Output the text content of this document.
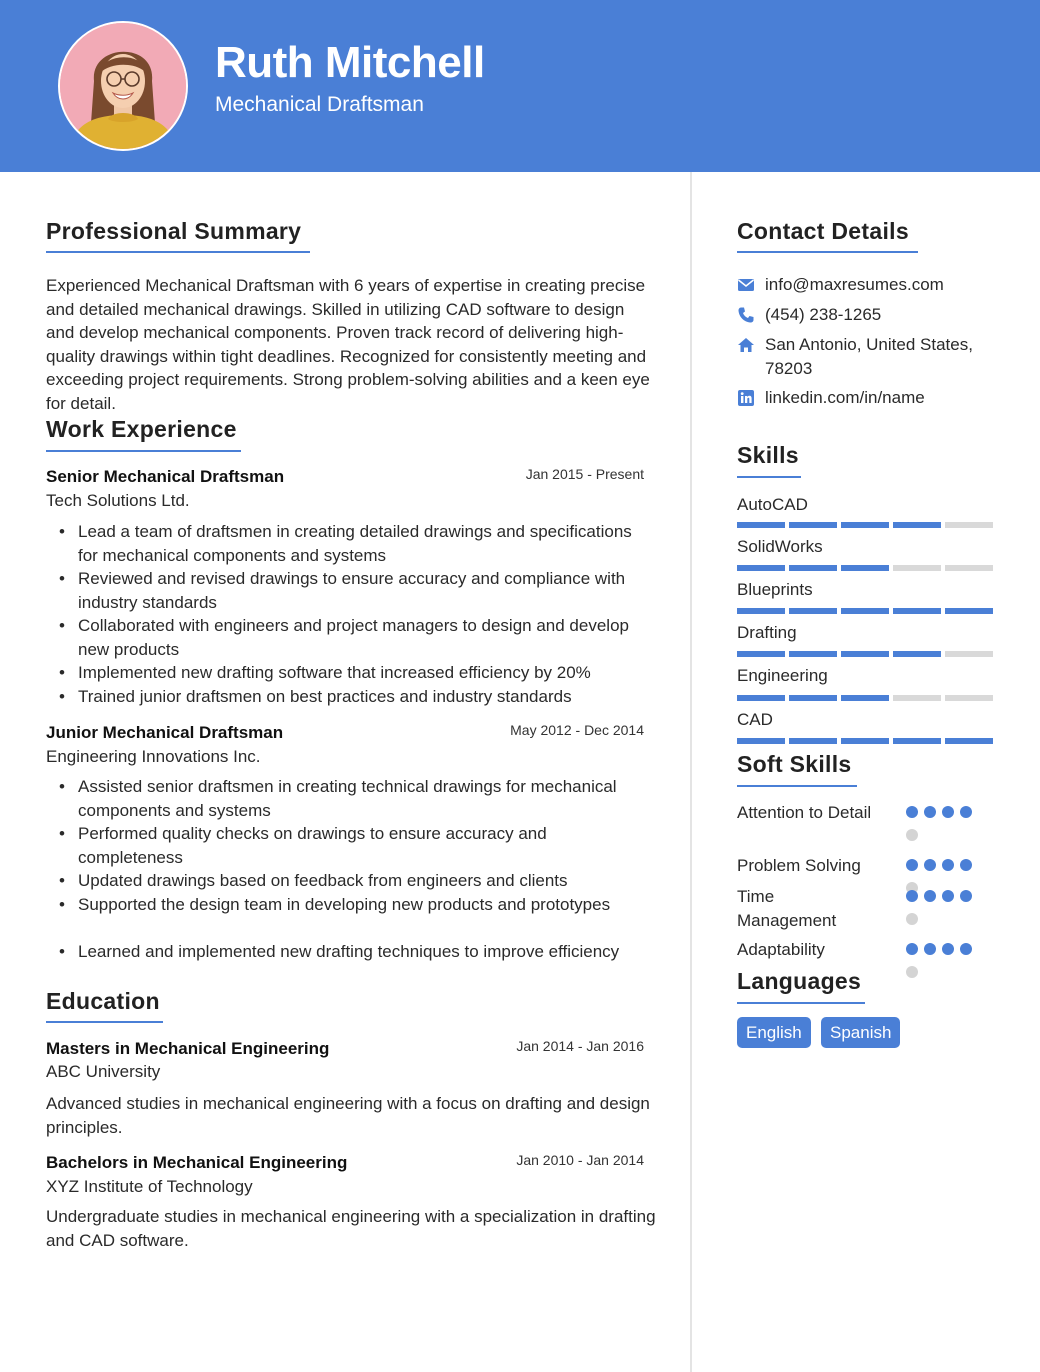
Ruth Mitchell
Mechanical Draftsman
Professional Summary
Experienced Mechanical Draftsman with 6 years of expertise in creating precise and detailed mechanical drawings. Skilled in utilizing CAD software to design and develop mechanical components. Proven track record of delivering high-quality drawings within tight deadlines. Recognized for consistently meeting and exceeding project requirements. Strong problem-solving abilities and a keen eye for detail.
Work Experience
Senior Mechanical Draftsman	Jan 2015 - Present
Tech Solutions Ltd.
• Lead a team of draftsmen in creating detailed drawings and specifications for mechanical components and systems
• Reviewed and revised drawings to ensure accuracy and compliance with industry standards
• Collaborated with engineers and project managers to design and develop new products
• Implemented new drafting software that increased efficiency by 20%
• Trained junior draftsmen on best practices and industry standards
Junior Mechanical Draftsman	May 2012 - Dec 2014
Engineering Innovations Inc.
• Assisted senior draftsmen in creating technical drawings for mechanical components and systems
• Performed quality checks on drawings to ensure accuracy and completeness
• Updated drawings based on feedback from engineers and clients
• Supported the design team in developing new products and prototypes
• Learned and implemented new drafting techniques to improve efficiency
Education
Masters in Mechanical Engineering	Jan 2014 - Jan 2016
ABC University
Advanced studies in mechanical engineering with a focus on drafting and design principles.
Bachelors in Mechanical Engineering	Jan 2010 - Jan 2014
XYZ Institute of Technology
Undergraduate studies in mechanical engineering with a specialization in drafting and CAD software.
Contact Details
info@maxresumes.com
(454) 238-1265
San Antonio, United States, 78203
linkedin.com/in/name
Skills
AutoCAD
SolidWorks
Blueprints
Drafting
Engineering
CAD
Soft Skills
Attention to Detail
Problem Solving
Time Management
Adaptability
Languages
English	Spanish
